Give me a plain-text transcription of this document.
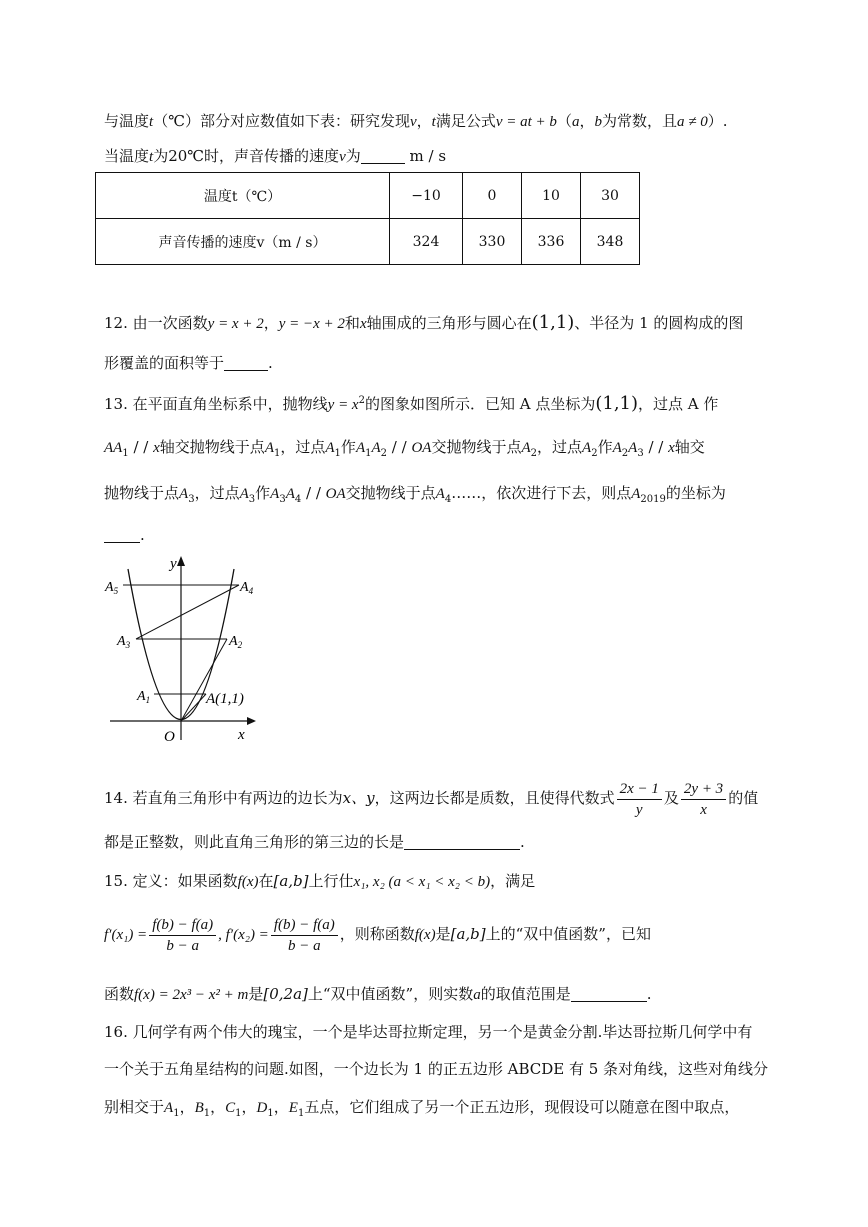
与温度t（℃）部分对应数值如下表：研究发现v，t满足公式v = at + b（a，b为常数，且a ≠ 0）.
当温度t为20℃时，声音传播的速度v为	m / s
温度t（℃）	−10	0	10	30
声音传播的速度v（m / s）	324	330	336	348
12. 由一次函数y = x + 2，y = −x + 2和x轴围成的三角形与圆心在(1,1)、半径为 1 的圆构成的图
形覆盖的面积等于	.
13. 在平面直角坐标系中，抛物线$y = x^2$的图象如图所示．已知 A 点坐标为(1,1)，过点 A 作
$AA_1$ / / x轴交抛物线于点$A_1$，过点$A_1$作$A_1A_2$ / / OA交抛物线于点$A_2$，过点$A_2$作$A_2A_3$ / / x轴交
抛物线于点$A_3$，过点$A_3$作$A_3A_4$ / / OA交抛物线于点$A_4\dots\dots$，依次进行下去，则点$A_{2019}$的坐标为
.
y
x
O
$A_5$	$A_4$
$A_3$	$A_2$
$A_1$	A(1,1)
14. 若直角三角形中有两边的边长为x、y，这两边长都是质数，且使得代数式 $\frac{2x - 1}{y}$ 及 $\frac{2y + 3}{x}$ 的值
都是正整数，则此直角三角形的第三边的长是	.
15. 定义：如果函数f(x)在[a,b]上行仕x₁, x₂ (a < x₁ < x₂ < b)，满足
$f'(x_1) = \frac{f(b) - f(a)}{b - a}$ , $f'(x_2) = \frac{f(b) - f(a)}{b - a}$ ，则称函数f(x)是[a,b]上的“双中值函数”，已知
函数f(x) = 2x³ − x² + m是[0,2a]上“双中值函数”，则实数a的取值范围是	.
16. 几何学有两个伟大的瑰宝，一个是毕达哥拉斯定理，另一个是黄金分割.毕达哥拉斯几何学中有
一个关于五角星结构的问题.如图，一个边长为 1 的正五边形 ABCDE 有 5 条对角线，这些对角线分
别相交于$A_1$，$B_1$，$C_1$，$D_1$，$E_1$五点，它们组成了另一个正五边形，现假设可以随意在图中取点，
